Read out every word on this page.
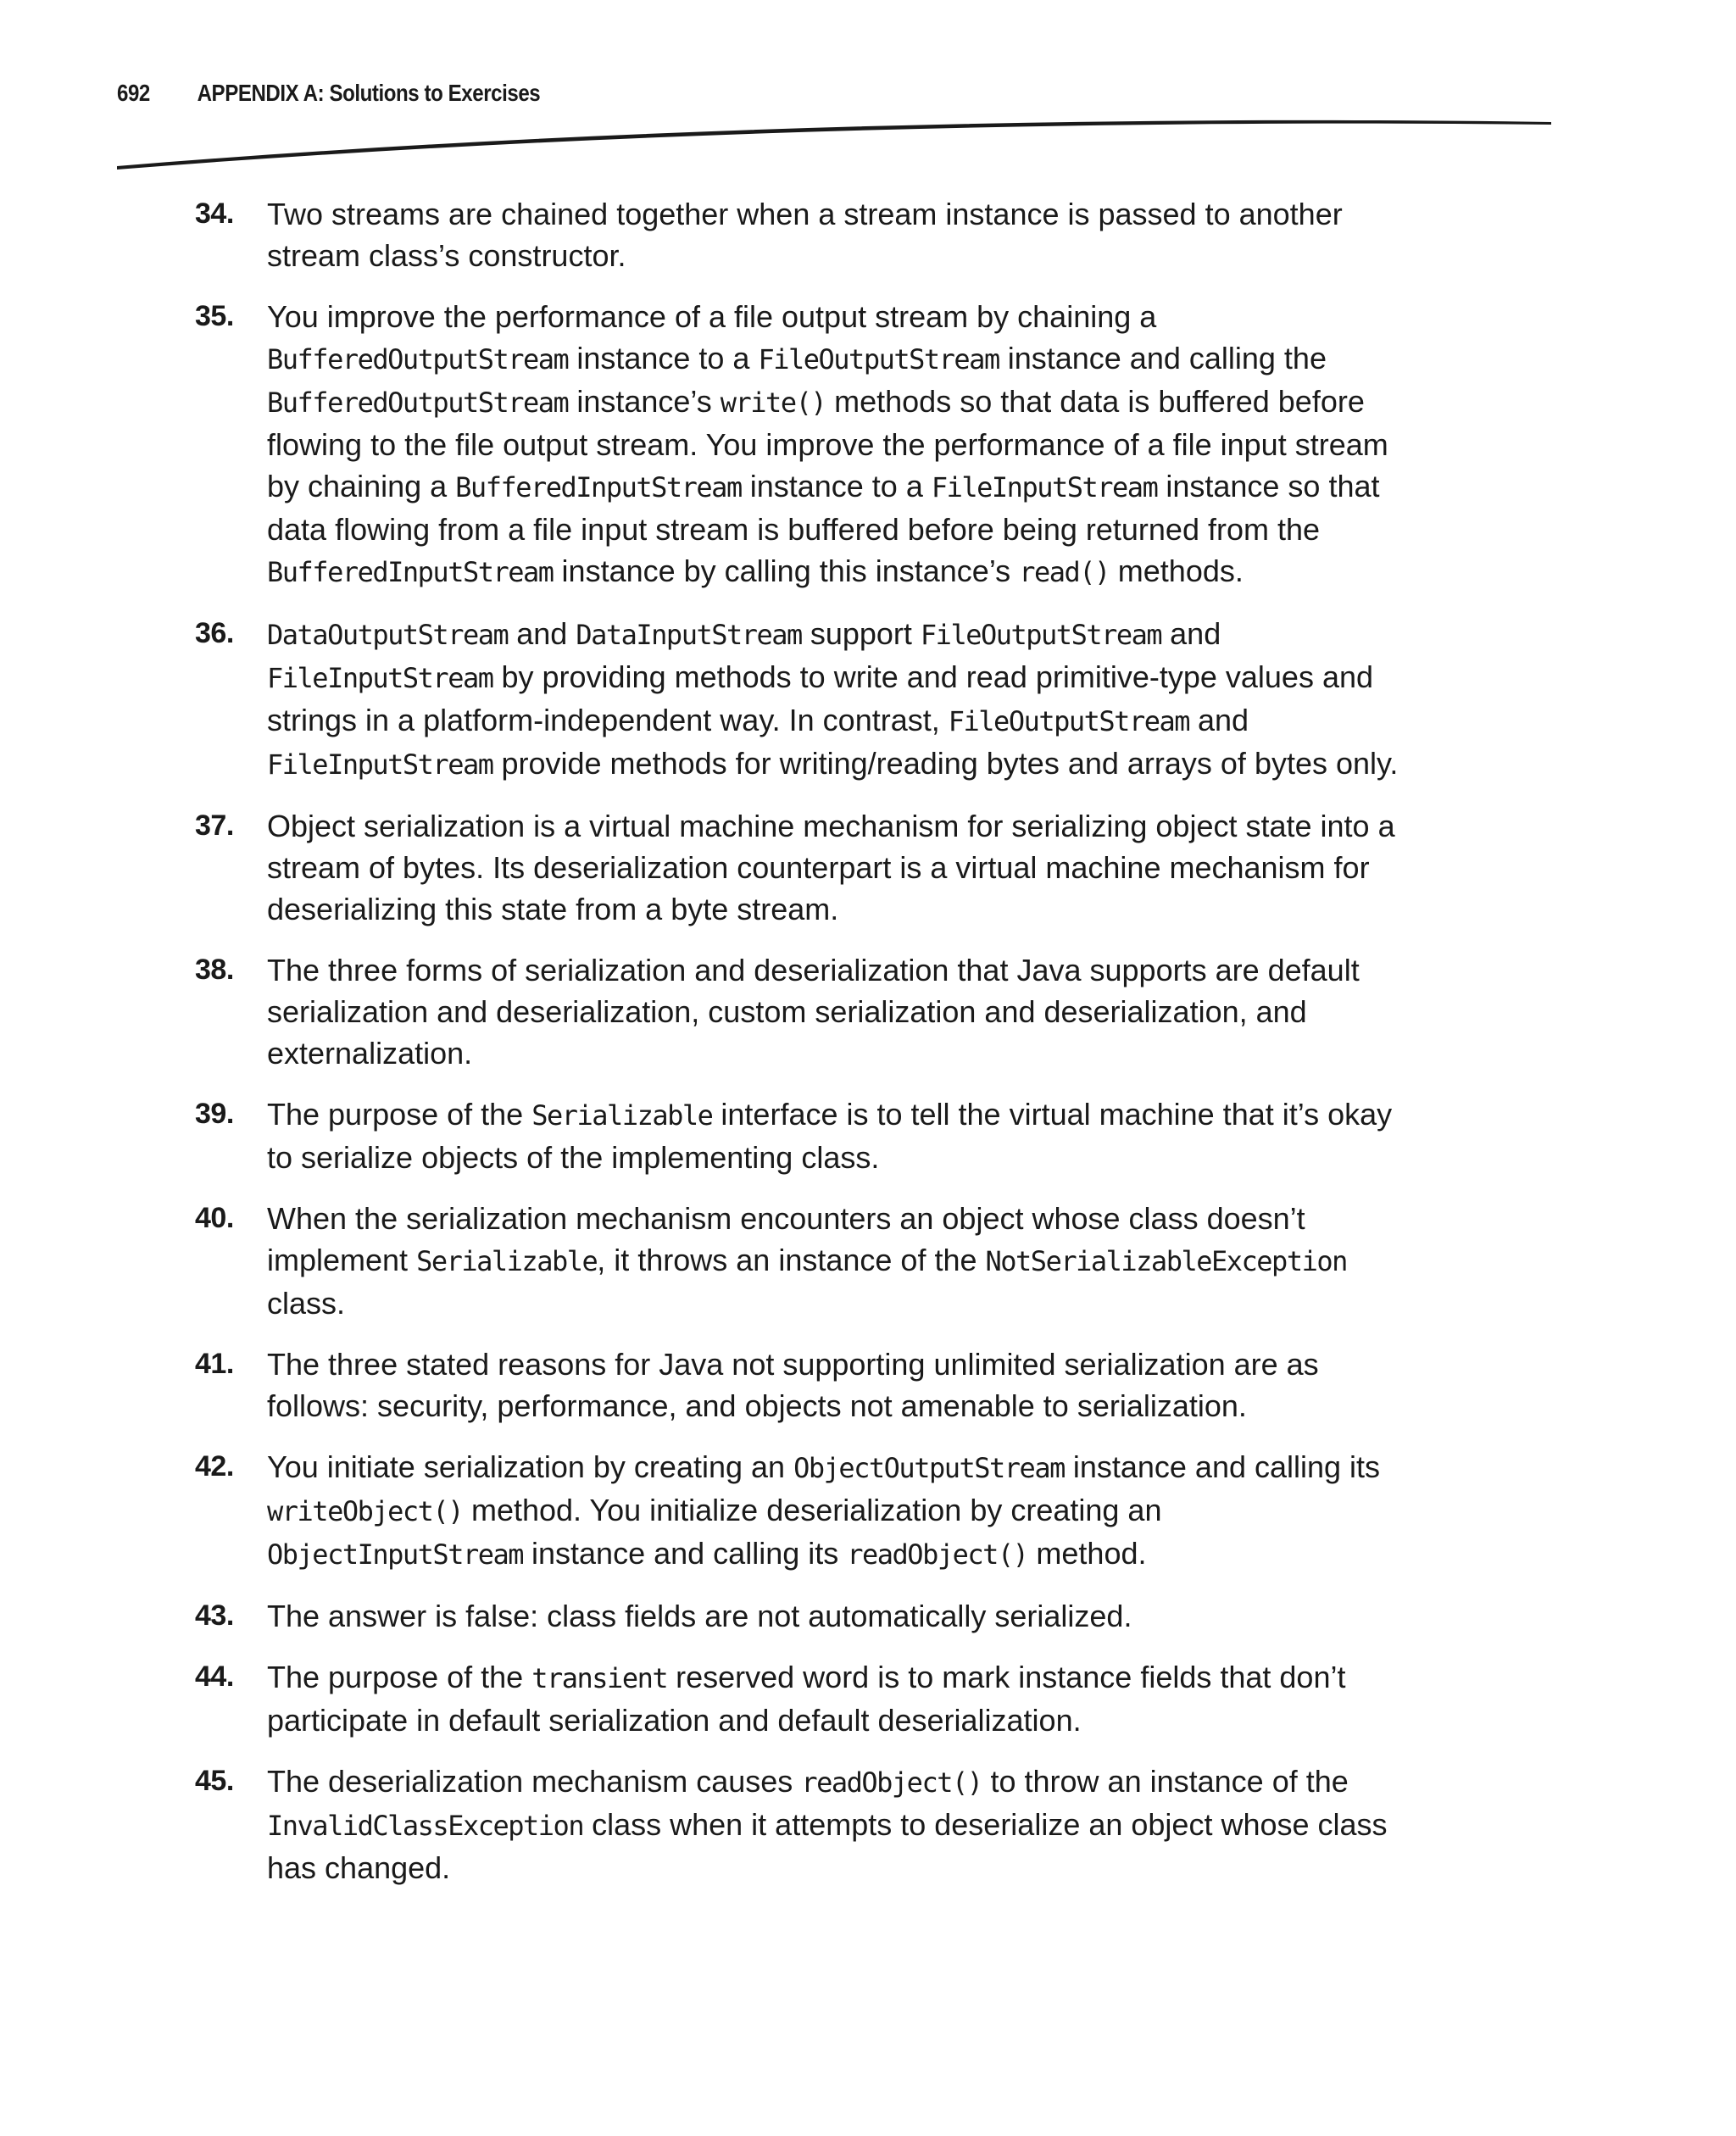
692 APPENDIX A: Solutions to Exercises
34. Two streams are chained together when a stream instance is passed to another stream class’s constructor.
35. You improve the performance of a file output stream by chaining a BufferedOutputStream instance to a FileOutputStream instance and calling the BufferedOutputStream instance’s write() methods so that data is buffered before flowing to the file output stream. You improve the performance of a file input stream by chaining a BufferedInputStream instance to a FileInputStream instance so that data flowing from a file input stream is buffered before being returned from the BufferedInputStream instance by calling this instance’s read() methods.
36. DataOutputStream and DataInputStream support FileOutputStream and FileInputStream by providing methods to write and read primitive-type values and strings in a platform-independent way. In contrast, FileOutputStream and FileInputStream provide methods for writing/reading bytes and arrays of bytes only.
37. Object serialization is a virtual machine mechanism for serializing object state into a stream of bytes. Its deserialization counterpart is a virtual machine mechanism for deserializing this state from a byte stream.
38. The three forms of serialization and deserialization that Java supports are default serialization and deserialization, custom serialization and deserialization, and externalization.
39. The purpose of the Serializable interface is to tell the virtual machine that it’s okay to serialize objects of the implementing class.
40. When the serialization mechanism encounters an object whose class doesn’t implement Serializable, it throws an instance of the NotSerializableException class.
41. The three stated reasons for Java not supporting unlimited serialization are as follows: security, performance, and objects not amenable to serialization.
42. You initiate serialization by creating an ObjectOutputStream instance and calling its writeObject() method. You initialize deserialization by creating an ObjectInputStream instance and calling its readObject() method.
43. The answer is false: class fields are not automatically serialized.
44. The purpose of the transient reserved word is to mark instance fields that don’t participate in default serialization and default deserialization.
45. The deserialization mechanism causes readObject() to throw an instance of the InvalidClassException class when it attempts to deserialize an object whose class has changed.
